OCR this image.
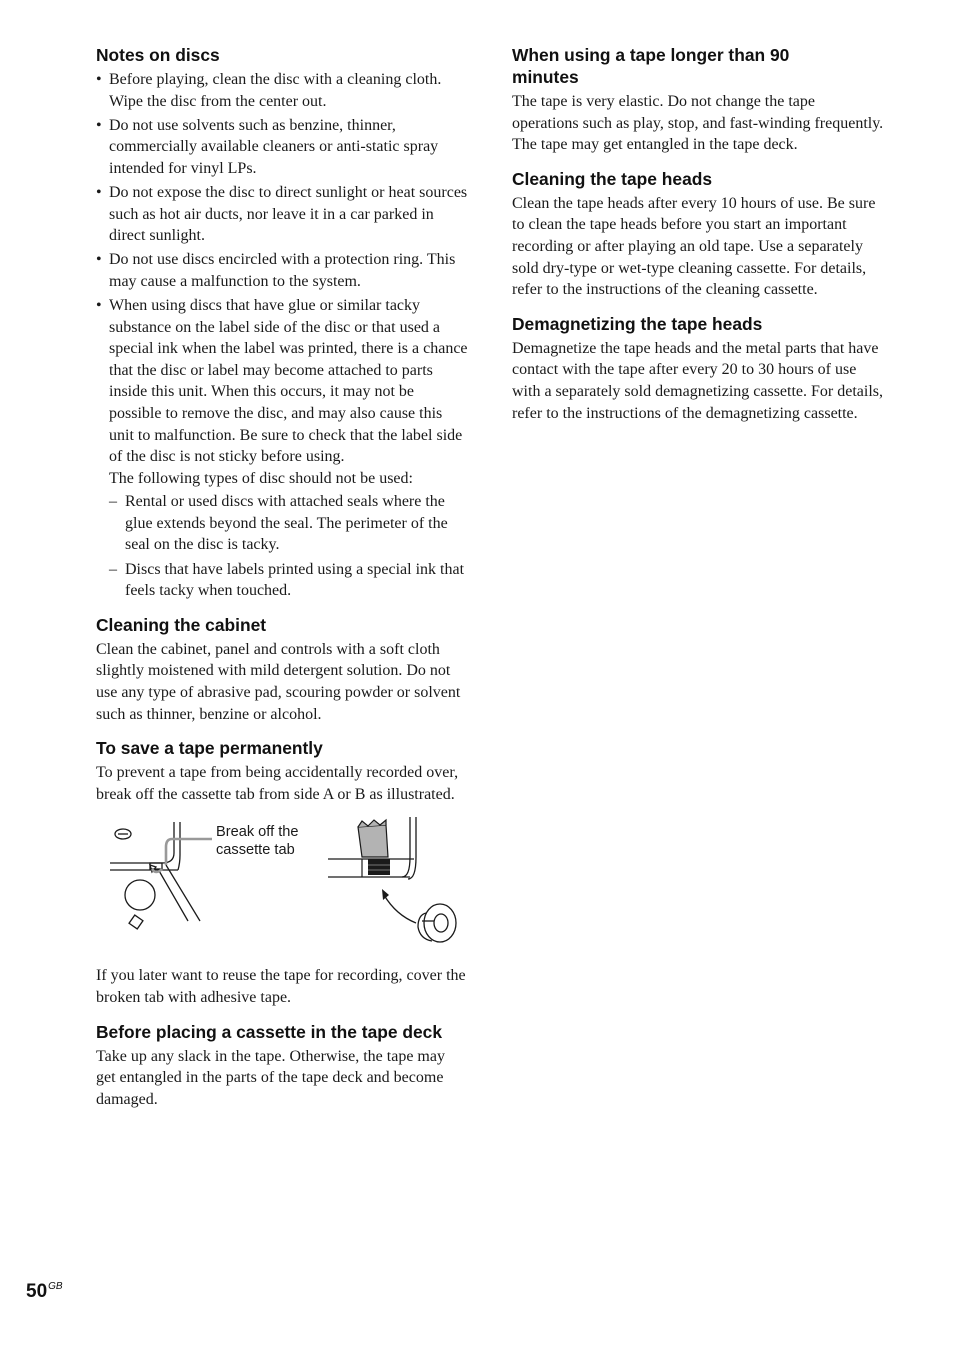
Notes on discs
• Before playing, clean the disc with a cleaning cloth. Wipe the disc from the center out.
• Do not use solvents such as benzine, thinner, commercially available cleaners or anti-static spray intended for vinyl LPs.
• Do not expose the disc to direct sunlight or heat sources such as hot air ducts, nor leave it in a car parked in direct sunlight.
• Do not use discs encircled with a protection ring. This may cause a malfunction to the system.
• When using discs that have glue or similar tacky substance on the label side of the disc or that used a special ink when the label was printed, there is a chance that the disc or label may become attached to parts inside this unit. When this occurs, it may not be possible to remove the disc, and may also cause this unit to malfunction. Be sure to check that the label side of the disc is not sticky before using.

The following types of disc should not be used:

– Rental or used discs with attached seals where the glue extends beyond the seal. The perimeter of the seal on the disc is tacky.
– Discs that have labels printed using a special ink that feels tacky when touched.
Cleaning the cabinet

Clean the cabinet, panel and controls with a soft cloth slightly moistened with mild detergent solution. Do not use any type of abrasive pad, scouring powder or solvent such as thinner, benzine or alcohol.

To save a tape permanently

To prevent a tape from being accidentally recorded over, break off the cassette tab from side A or B as illustrated.

Break off the cassette tab

If you later want to reuse the tape for recording, cover the broken tab with adhesive tape.

Before placing a cassette in the tape deck

Take up any slack in the tape. Otherwise, the tape may get entangled in the parts of the tape deck and become damaged.

When using a tape longer than 90 minutes

The tape is very elastic. Do not change the tape operations such as play, stop, and fast-winding frequently. The tape may get entangled in the tape deck.

Cleaning the tape heads

Clean the tape heads after every 10 hours of use. Be sure to clean the tape heads before you start an important recording or after playing an old tape. Use a separately sold dry-type or wet-type cleaning cassette. For details, refer to the instructions of the cleaning cassette.

Demagnetizing the tape heads

Demagnetize the tape heads and the metal parts that have contact with the tape after every 20 to 30 hours of use with a separately sold demagnetizing cassette. For details, refer to the instructions of the demagnetizing cassette.

$50^{GB}$
